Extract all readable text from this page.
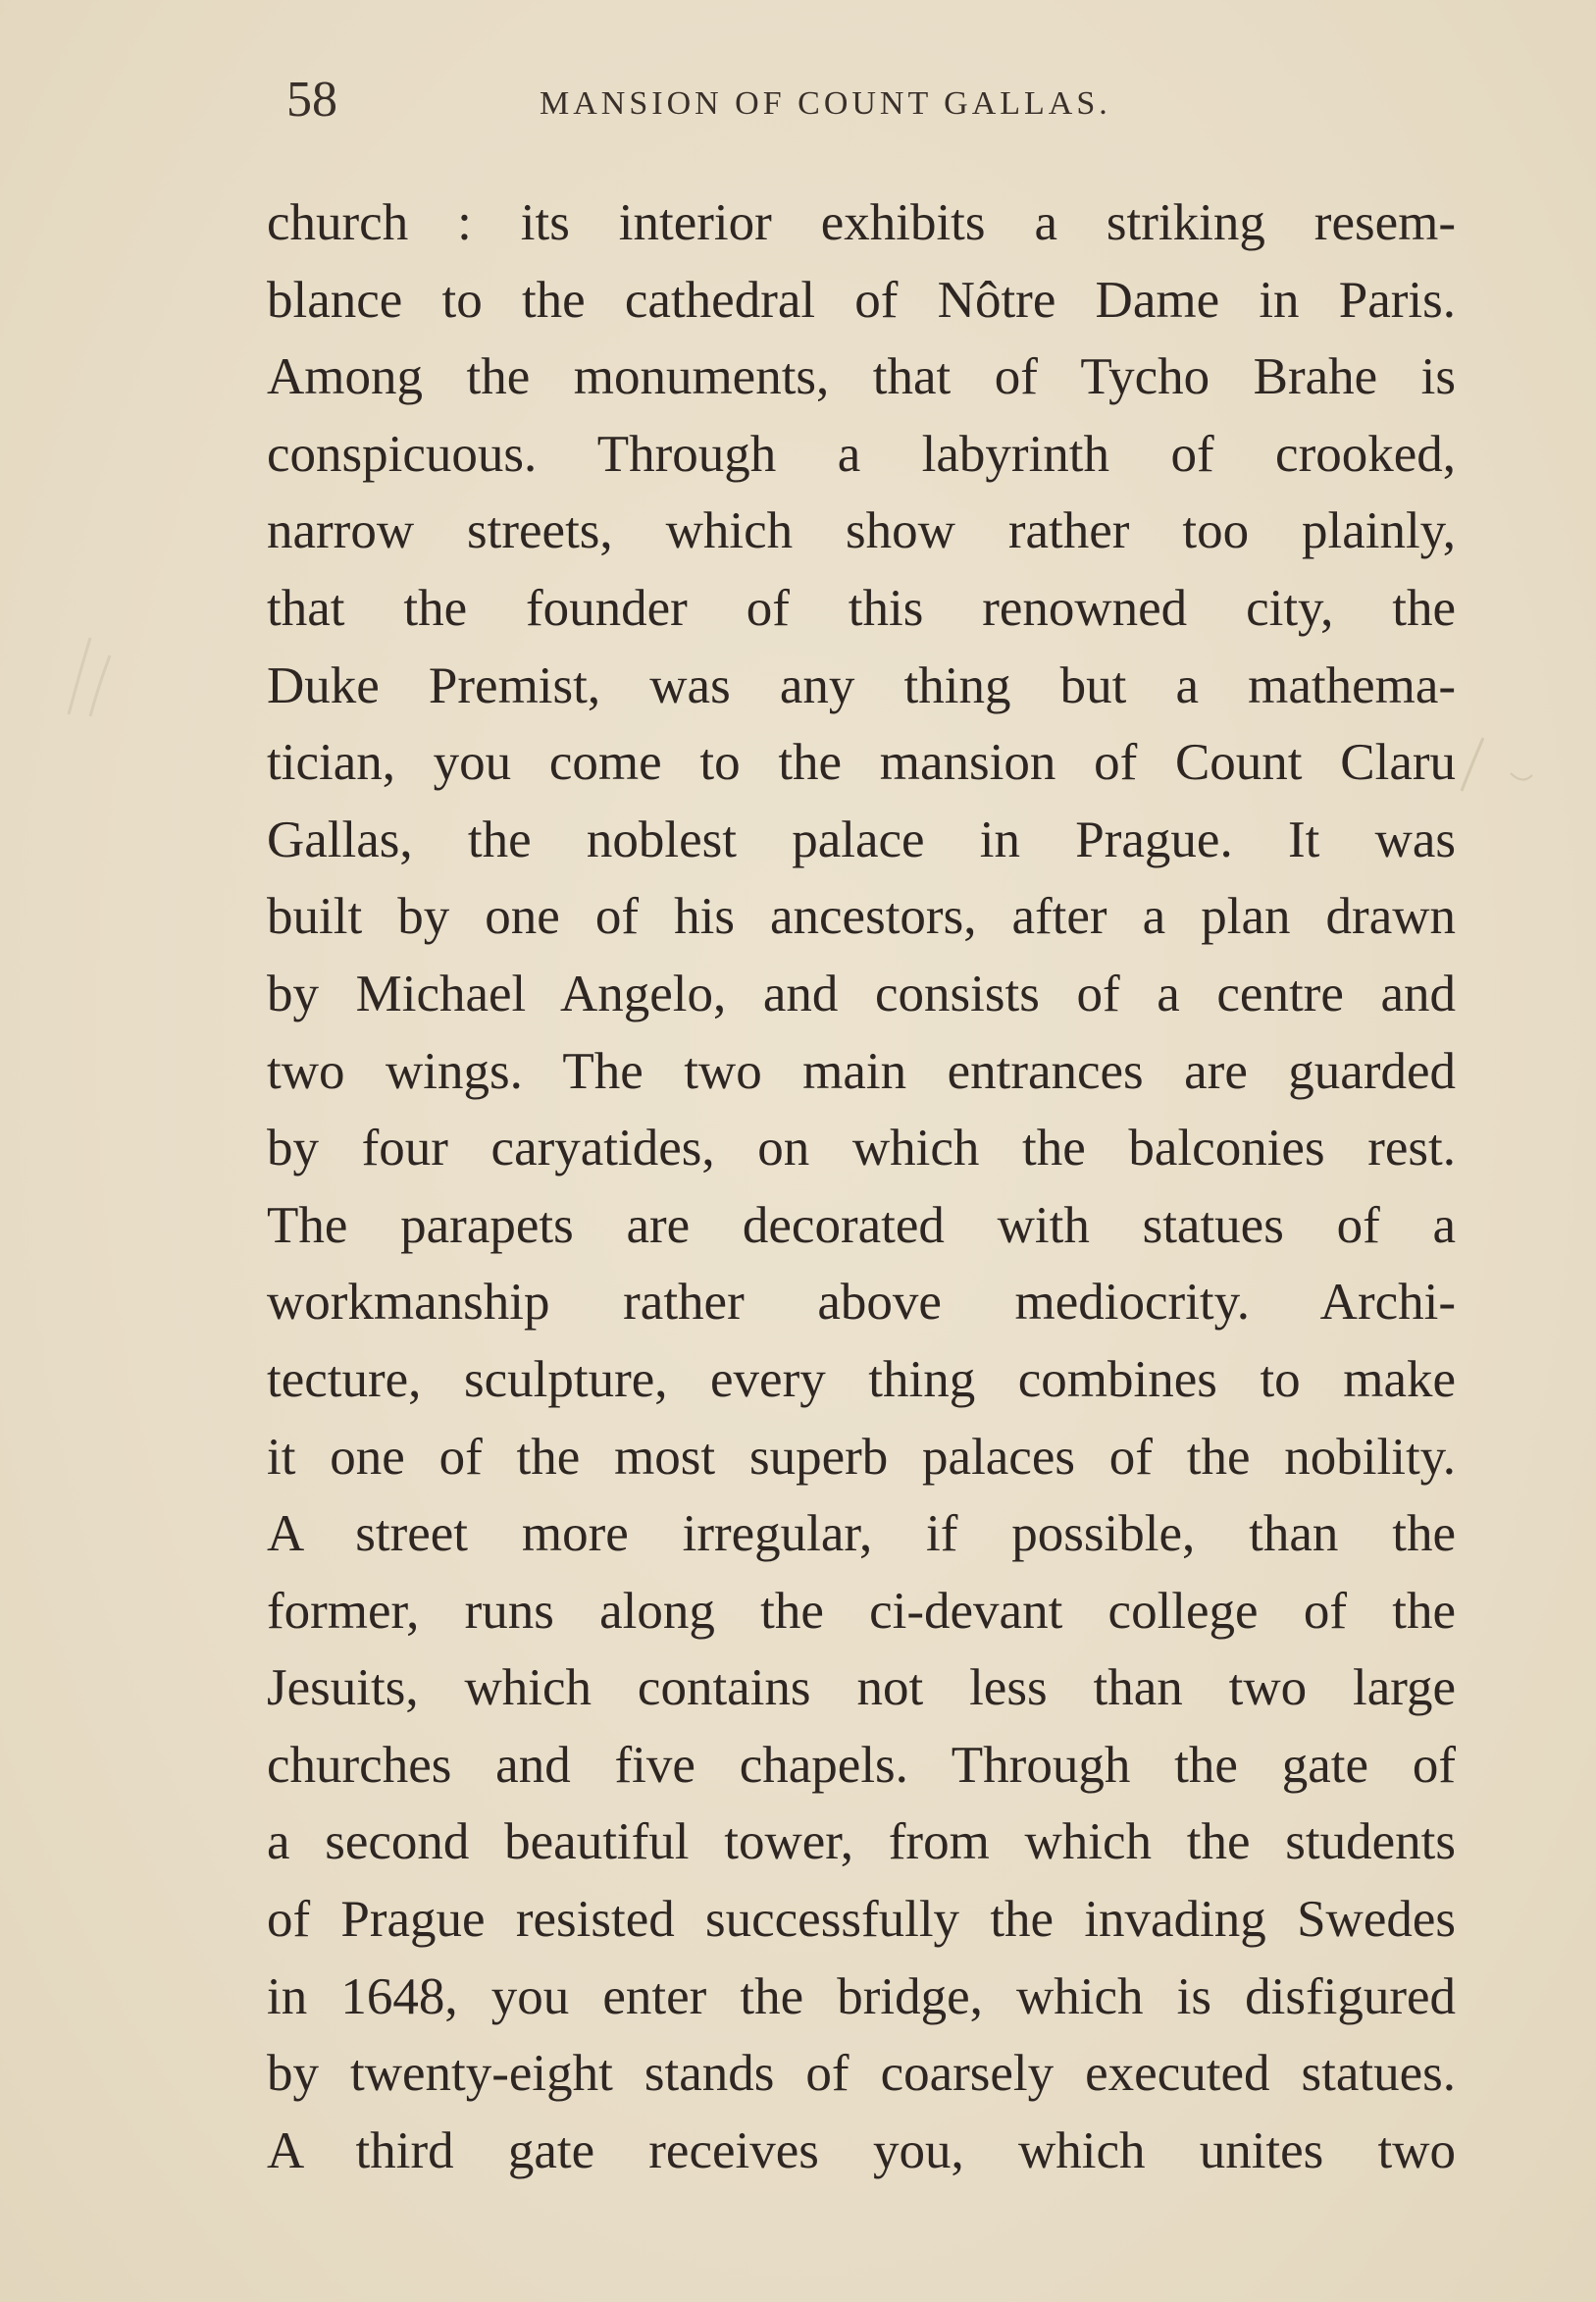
58	MANSION OF COUNT GALLAS.
church : its interior exhibits a striking resem-
blance to the cathedral of Nôtre Dame in Paris.
Among the monuments, that of Tycho Brahe is
conspicuous. Through a labyrinth of crooked,
narrow streets, which show rather too plainly,
that the founder of this renowned city, the
Duke Premist, was any thing but a mathema-
tician, you come to the mansion of Count Claru
Gallas, the noblest palace in Prague. It was
built by one of his ancestors, after a plan drawn
by Michael Angelo, and consists of a centre and
two wings. The two main entrances are guarded
by four caryatides, on which the balconies rest.
The parapets are decorated with statues of a
workmanship rather above mediocrity. Archi-
tecture, sculpture, every thing combines to make
it one of the most superb palaces of the nobility.
A street more irregular, if possible, than the
former, runs along the ci-devant college of the
Jesuits, which contains not less than two large
churches and five chapels. Through the gate of
a second beautiful tower, from which the students
of Prague resisted successfully the invading Swedes
in 1648, you enter the bridge, which is disfigured
by twenty-eight stands of coarsely executed statues.
A third gate receives you, which unites two
